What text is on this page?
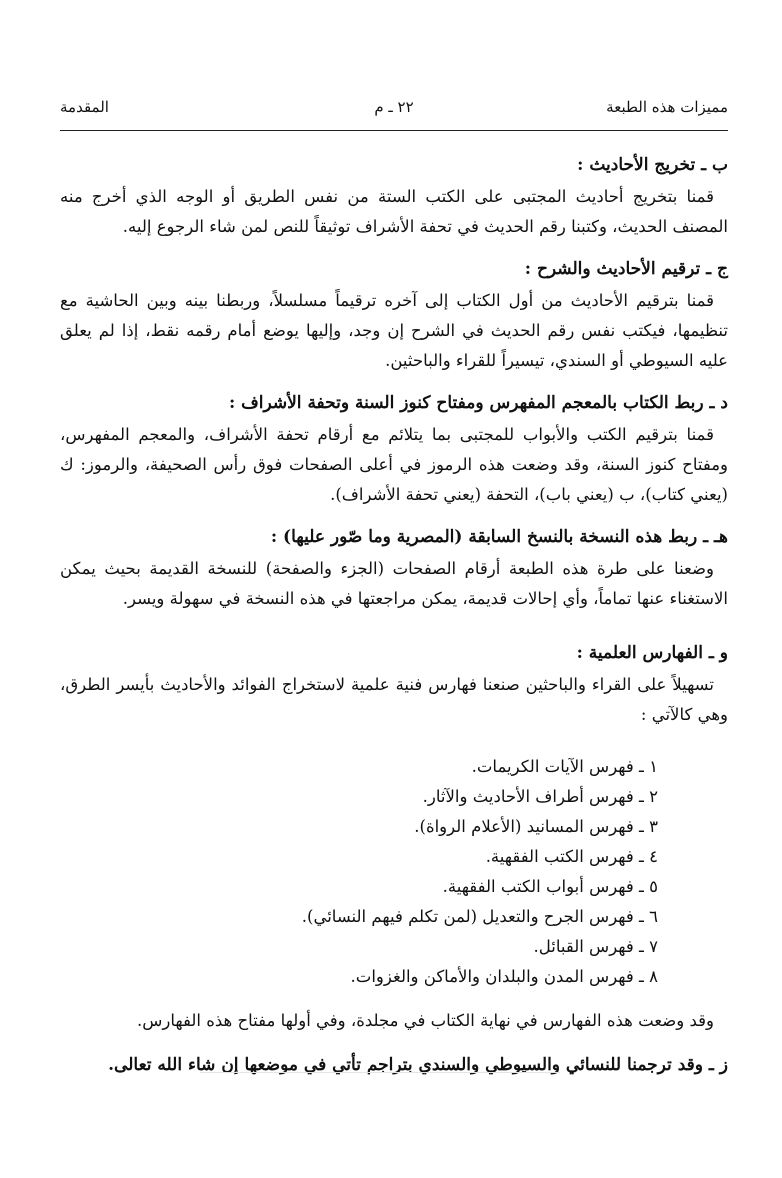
مميزات هذه الطبعة
٢٢ ـ م
المقدمة

ب ـ تخريج الأحاديث :

قمنا بتخريج أحاديث المجتبى على الكتب الستة من نفس الطريق أو الوجه الذي أخرج منه المصنف الحديث، وكتبنا رقم الحديث في تحفة الأشراف توثيقاً للنص لمن شاء الرجوع إليه.

ج ـ ترقيم الأحاديث والشرح :

قمنا بترقيم الأحاديث من أول الكتاب إلى آخره ترقيماً مسلسلاً، وربطنا بينه وبين الحاشية مع تنظيمها، فيكتب نفس رقم الحديث في الشرح إن وجد، وإليها يوضع أمام رقمه نقط، إذا لم يعلق عليه السيوطي أو السندي، تيسيراً للقراء والباحثين.

د ـ ربط الكتاب بالمعجم المفهرس ومفتاح كنوز السنة وتحفة الأشراف :

قمنا بترقيم الكتب والأبواب للمجتبى بما يتلائم مع أرقام تحفة الأشراف، والمعجم المفهرس، ومفتاح كنوز السنة، وقد وضعت هذه الرموز في أعلى الصفحات فوق رأس الصحيفة، والرموز: ك (يعني كتاب)، ب (يعني باب)، التحفة (يعني تحفة الأشراف).

هـ ـ ربط هذه النسخة بالنسخ السابقة (المصرية وما صّور عليها) :

وضعنا على طرة هذه الطبعة أرقام الصفحات (الجزء والصفحة) للنسخة القديمة بحيث يمكن الاستغناء عنها تماماً، وأي إحالات قديمة، يمكن مراجعتها في هذه النسخة في سهولة ويسر.

و ـ الفهارس العلمية :

تسهيلاً على القراء والباحثين صنعنا فهارس فنية علمية لاستخراج الفوائد والأحاديث بأيسر الطرق، وهي كالآتي :

١ ـ فهرس الآيات الكريمات.
٢ ـ فهرس أطراف الأحاديث والآثار.
٣ ـ فهرس المسانيد (الأعلام الرواة).
٤ ـ فهرس الكتب الفقهية.
٥ ـ فهرس أبواب الكتب الفقهية.
٦ ـ فهرس الجرح والتعديل (لمن تكلم فيهم النسائي).
٧ ـ فهرس القبائل.
٨ ـ فهرس المدن والبلدان والأماكن والغزوات.

وقد وضعت هذه الفهارس في نهاية الكتاب في مجلدة، وفي أولها مفتاح هذه الفهارس.

ز ـ وقد ترجمنا للنسائي والسيوطي والسندي بتراجم تأتي في موضعها إن شاء الله تعالى.
